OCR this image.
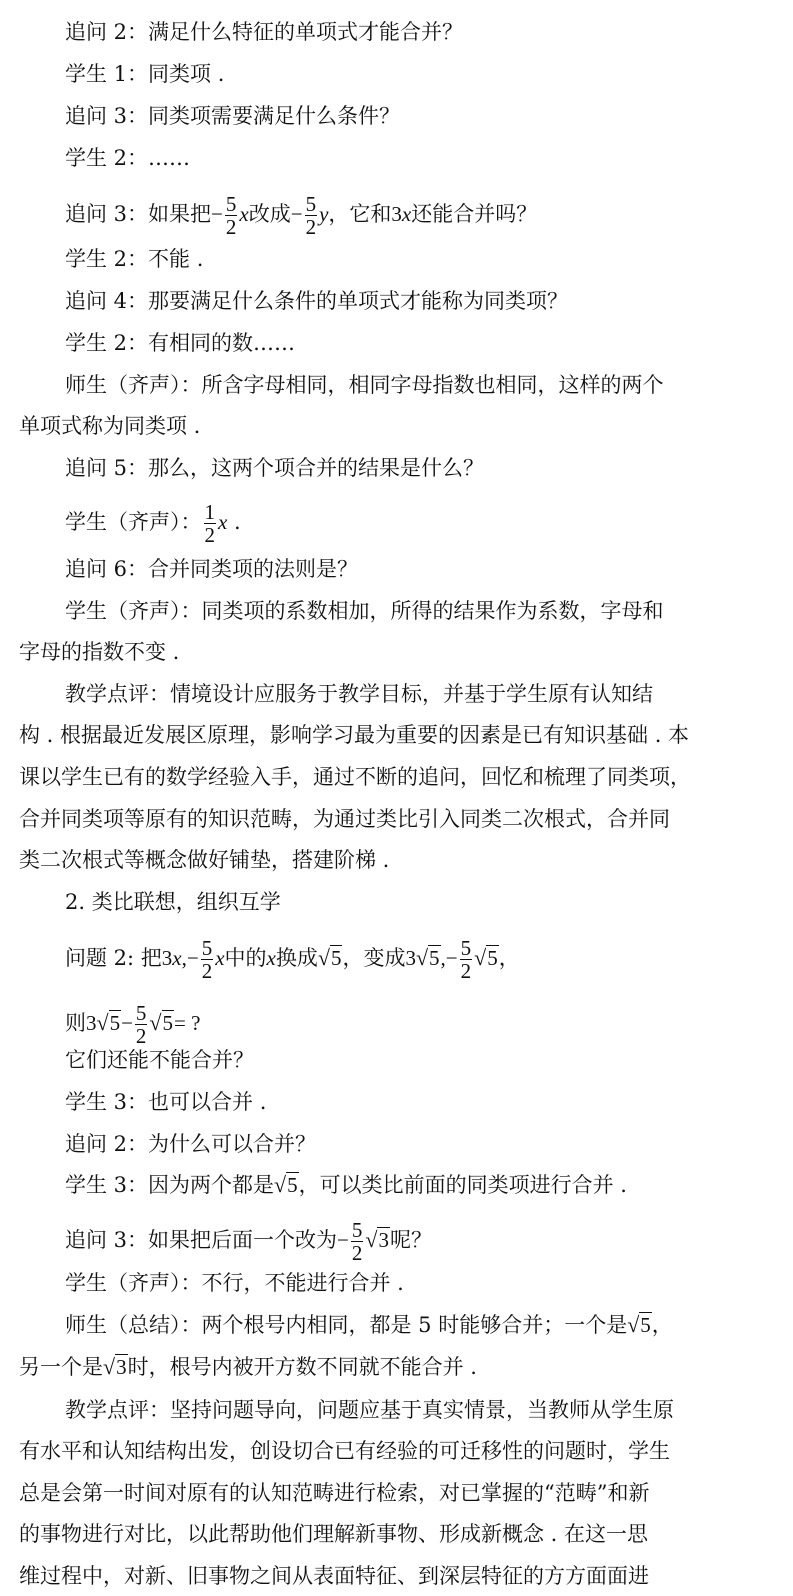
追问 2：满足什么特征的单项式才能合并？
学生 1：同类项 .
追问 3：同类项需要满足什么条件？
学生 2：……
追问 3：如果把− $\frac{5}{2}$ x改成− $\frac{5}{2}$ y，它和3x还能合并吗？
学生 2：不能 .
追问 4：那要满足什么条件的单项式才能称为同类项？
学生 2：有相同的数……
师生（齐声）：所含字母相同，相同字母指数也相同，这样的两个
单项式称为同类项 .
追问 5：那么，这两个项合并的结果是什么？
学生（齐声）： $\frac{1}{2}$ x .
追问 6：合并同类项的法则是？
学生（齐声）：同类项的系数相加，所得的结果作为系数，字母和
字母的指数不变 .
教学点评：情境设计应服务于教学目标，并基于学生原有认知结
构 . 根据最近发展区原理，影响学习最为重要的因素是已有知识基础 . 本
课以学生已有的数学经验入手，通过不断的追问，回忆和梳理了同类项，
合并同类项等原有的知识范畴，为通过类比引入同类二次根式，合并同
类二次根式等概念做好铺垫，搭建阶梯 .
2. 类比联想，组织互学
问题 2: 把$3x,- \frac{5}{2}$ x中的x换成√5，变成$3√5,- \frac{5}{2} √5$，
则$3√5- \frac{5}{2} √5=$ ?
它们还能不能合并？
学生 3：也可以合并 .
追问 2：为什么可以合并？
学生 3：因为两个都是√5，可以类比前面的同类项进行合并 .
追问 3：如果把后面一个改为− $\frac{5}{2} √3$呢？
学生（齐声）：不行，不能进行合并 .
师生（总结）：两个根号内相同，都是 5 时能够合并；一个是√5，
另一个是√3时，根号内被开方数不同就不能合并 .
教学点评：坚持问题导向，问题应基于真实情景，当教师从学生原
有水平和认知结构出发，创设切合已有经验的可迁移性的问题时，学生
总是会第一时间对原有的认知范畴进行检索，对已掌握的“范畴”和新
的事物进行对比，以此帮助他们理解新事物、形成新概念 . 在这一思
维过程中，对新、旧事物之间从表面特征、到深层特征的方方面面进
